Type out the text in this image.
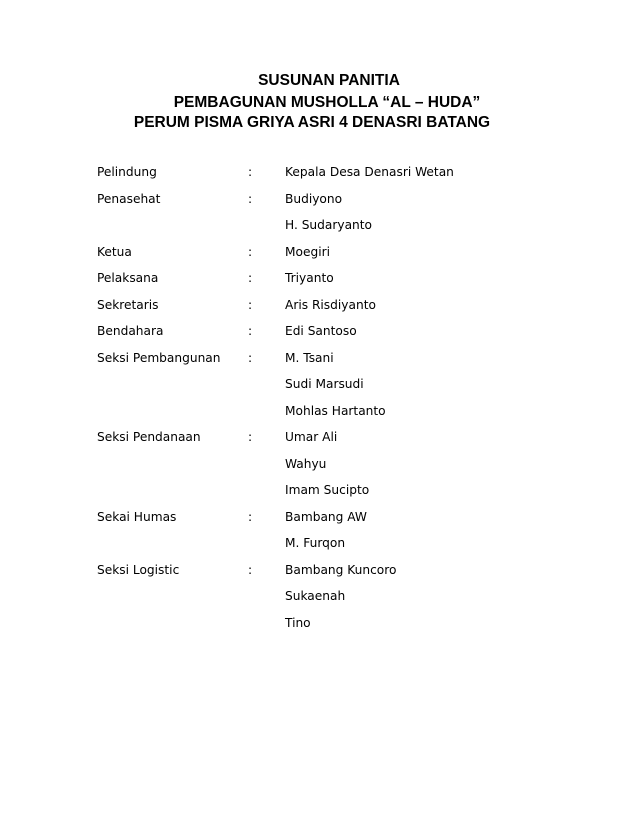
SUSUNAN PANITIA
PEMBAGUNAN MUSHOLLA “AL – HUDA”
PERUM PISMA GRIYA ASRI 4 DENASRI BATANG
Pelindung	:	Kepala Desa Denasri Wetan
Penasehat	:	Budiyono
H. Sudaryanto
Ketua	:	Moegiri
Pelaksana	:	Triyanto
Sekretaris	:	Aris Risdiyanto
Bendahara	:	Edi Santoso
Seksi Pembangunan :	M. Tsani
Sudi Marsudi
Mohlas Hartanto
Seksi Pendanaan	:	Umar Ali
Wahyu
Imam Sucipto
Sekai Humas	:	Bambang AW
M. Furqon
Seksi Logistic	:	Bambang Kuncoro
Sukaenah
Tino
